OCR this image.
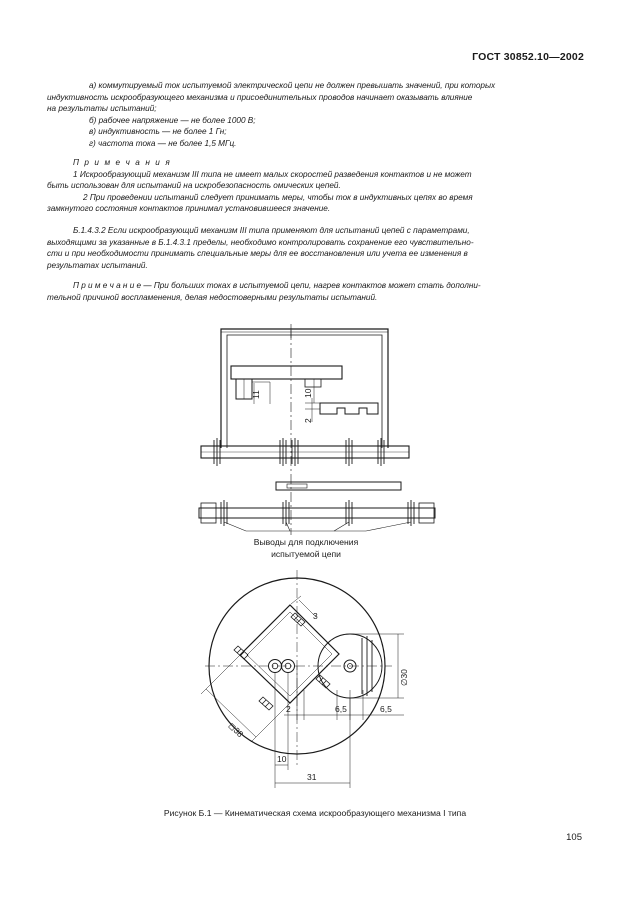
ГОСТ 30852.10—2002

а) коммутируемый ток испытуемой электрической цепи не должен превышать значений, при которых

индуктивность искрообразующего механизма и присоединительных проводов начинает оказывать влияние

на результаты испытаний;

б) рабочее напряжение — не более 1000 В;

в) индуктивность — не более 1 Гн;

г) частота тока — не более 1,5 МГц.

П р и м е ч а н и я

1 Искрообразующий механизм III типа не имеет малых скоростей разведения контактов и не может

быть использован для испытаний на искробезопасность омических цепей.

2 При проведении испытаний следует принимать меры, чтобы ток в индуктивных цепях во время

замкнутого состояния контактов принимал установившееся значение.

Б.1.4.3.2 Если искрообразующий механизм III типа применяют для испытаний цепей с параметрами,

выходящими за указанные в Б.1.4.3.1 пределы, необходимо контролировать сохранение его чувствительно-

сти и при необходимости принимать специальные меры для ее восстановления или учета ее изменения в

результатах испытаний.

П р и м е ч а н и е — При больших токах в испытуемой цепи, нагрев контактов может стать дополни-

тельной причиной воспламенения, делая недостоверными результаты испытаний.

11	10
2
Выводы для подключения
испытуемой цепи
3
∅30
2	6,5	6,5
◻38
10
31
Рисунок Б.1 — Кинематическая схема искрообразующего механизма I типа
105
